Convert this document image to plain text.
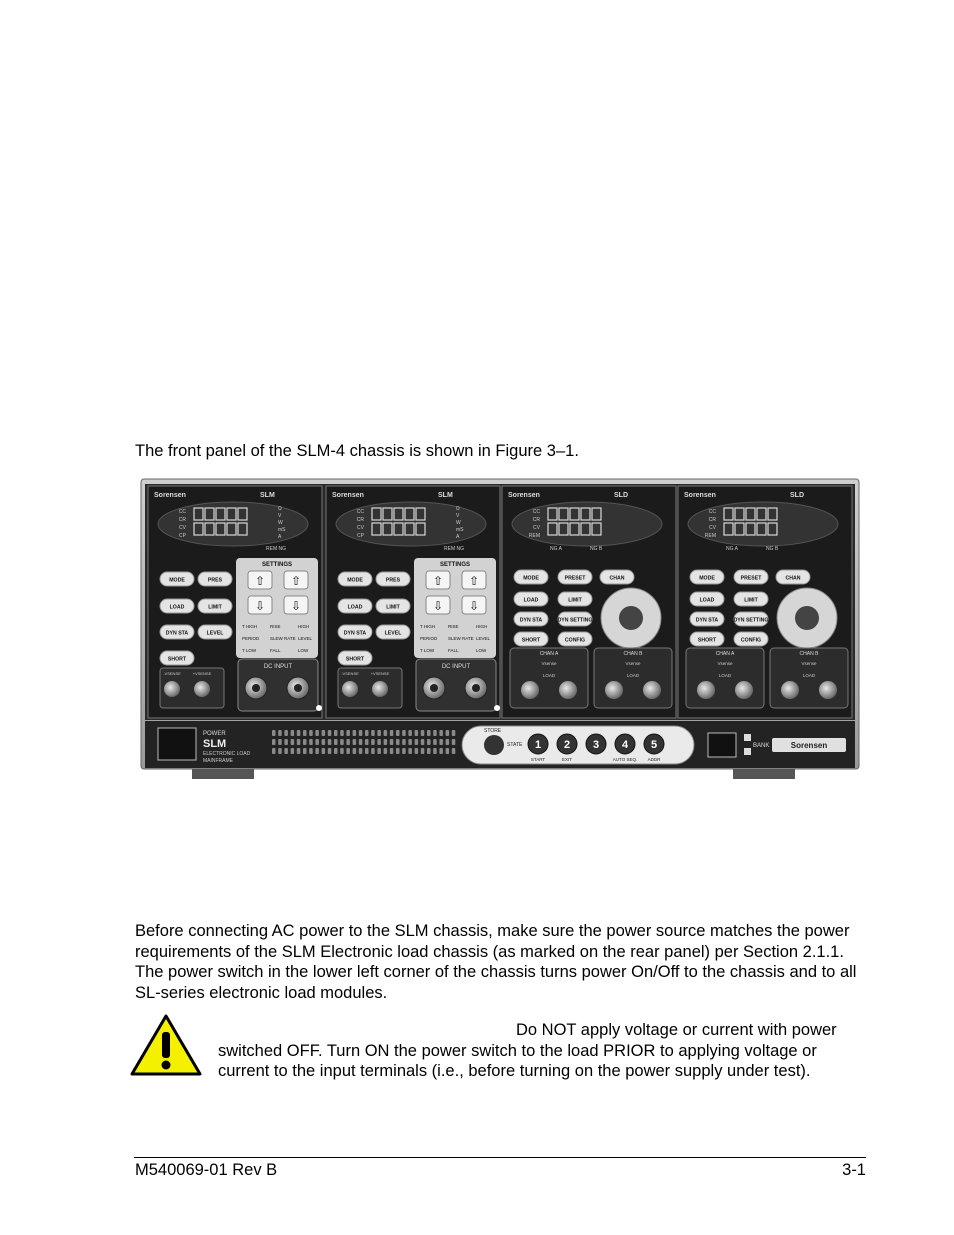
The front panel of the SLM-4 chassis is shown in Figure 3–1.
Sorensen	SLM
CC
CR
CV
CP
Ω
V
W
mS
A
REM NG
MODE	PRES
LOAD	LIMIT
DYN STA	LEVEL
SHORT
SETTINGS
⇧ ⇧
⇩ ⇩
T HIGH	RISE	HIGH
PERIOD SLEW RATE LEVEL
T LOW	FALL	LOW
DC INPUT
-VSENSE	+VSENSE
Sorensen	SLM
CC
CR
CV
CP
Ω
V
W
mS
A
REM NG
MODE	PRES
LOAD	LIMIT
DYN STA	LEVEL
SHORT
SETTINGS
⇧ ⇧
⇩ ⇩
T HIGH	RISE	HIGH
PERIOD SLEW RATE LEVEL
T LOW	FALL	LOW
DC INPUT
-VSENSE	+VSENSE
Sorensen	SLD
CC
CR
CV
REM
NG A	NG B
MODE	PRESET	CHAN
LOAD	LIMIT
DYN STA	DYN SETTING
SHORT	CONFIG
CHAN A	CHAN B
Vsense
LOAD
Vsense
LOAD
Sorensen	SLD
CC
CR
CV
REM
NG A	NG B
MODE	PRESET	CHAN
LOAD	LIMIT
DYN STA	DYN SETTING
SHORT	CONFIG
CHAN A	CHAN B
Vsense
LOAD
Vsense
LOAD
POWER
SLM
ELECTRONIC LOAD
MAINFRAME
STORE
STATE 1 2 3 4 5
START	EXIT	AUTO SEQ. ADDR
BANK	Sorensen
Before connecting AC power to the SLM chassis, make sure the power source matches the power requirements of the SLM Electronic load chassis (as marked on the rear panel) per Section 2.1.1. The power switch in the lower left corner of the chassis turns power On/Off to the chassis and to all SL-series electronic load modules.
Do NOT apply voltage or current with power switched OFF. Turn ON the power switch to the load PRIOR to applying voltage or current to the input terminals (i.e., before turning on the power supply under test).
M540069-01 Rev B	3-1
